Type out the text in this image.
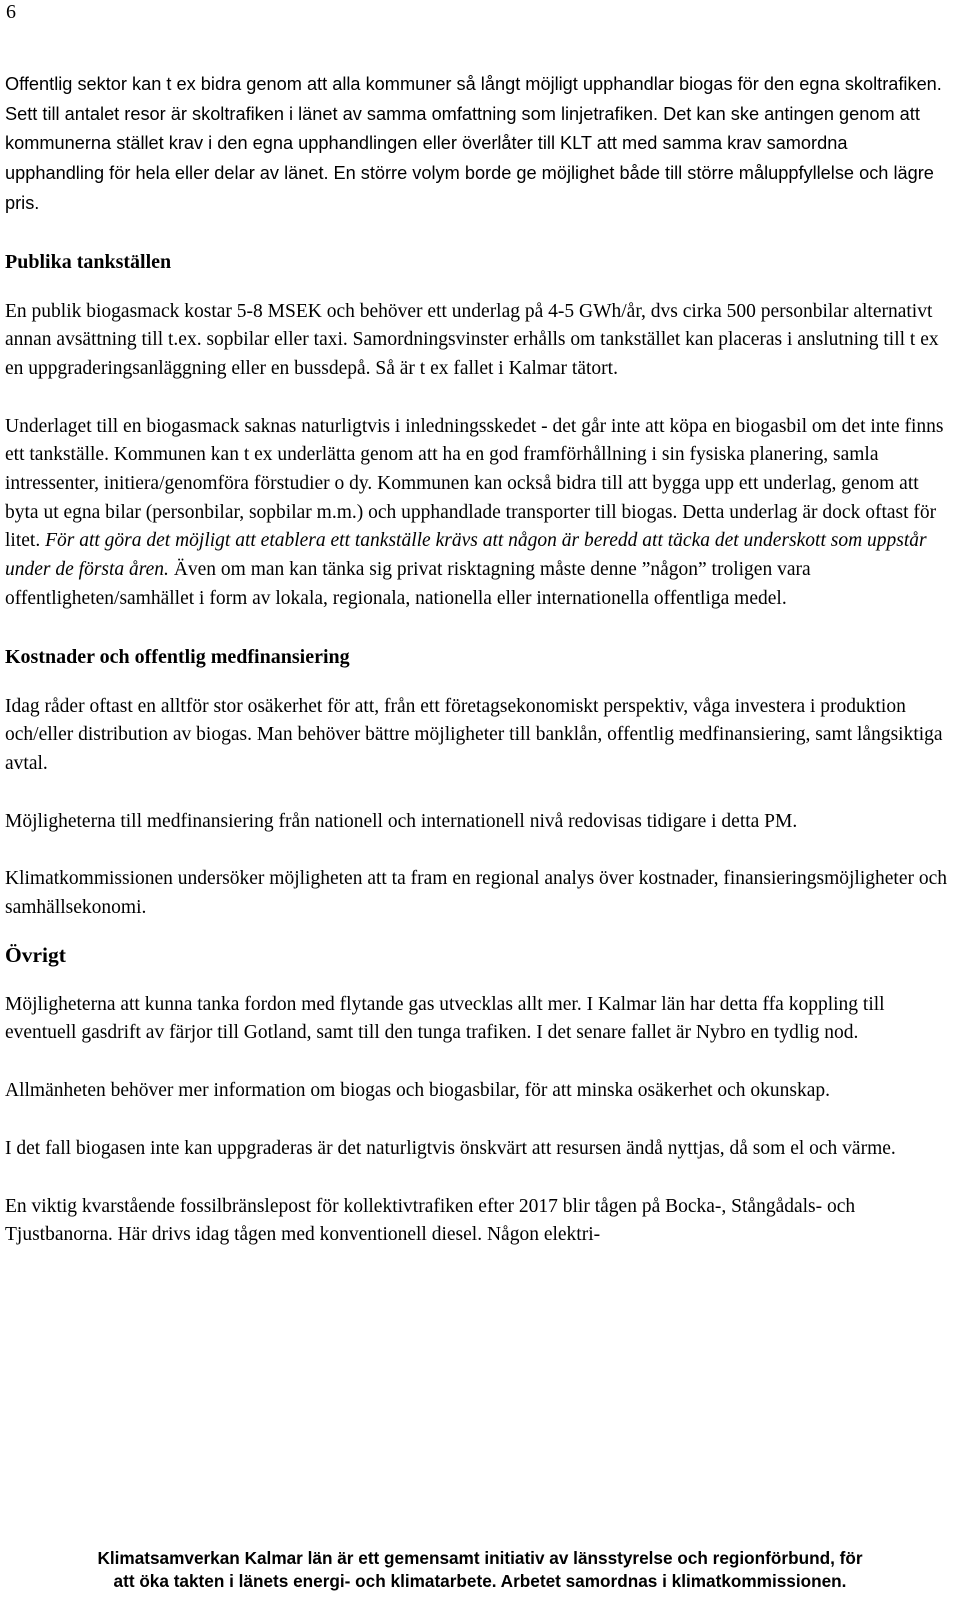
6

Offentlig sektor kan t ex bidra genom att alla kommuner så långt möjligt upphandlar biogas för den egna skoltrafiken. Sett till antalet resor är skoltrafiken i länet av samma omfattning som linjetrafiken. Det kan ske antingen genom att kommunerna stället krav i den egna upphandlingen eller överlåter till KLT att med samma krav samordna upphandling för hela eller delar av länet. En större volym borde ge möjlighet både till större måluppfyllelse och lägre pris.

Publika tankställen

En publik biogasmack kostar 5-8 MSEK och behöver ett underlag på 4-5 GWh/år, dvs cirka 500 personbilar alternativt annan avsättning till t.ex. sopbilar eller taxi. Samordningsvinster erhålls om tankstället kan placeras i anslutning till t ex en uppgraderingsanläggning eller en bussdepå. Så är t ex fallet i Kalmar tätort.

Underlaget till en biogasmack saknas naturligtvis i inledningsskedet - det går inte att köpa en biogasbil om det inte finns ett tankställe. Kommunen kan t ex underlätta genom att ha en god framförhållning i sin fysiska planering, samla intressenter, initiera/genomföra förstudier o dy. Kommunen kan också bidra till att bygga upp ett underlag, genom att byta ut egna bilar (personbilar, sopbilar m.m.) och upphandlade transporter till biogas. Detta underlag är dock oftast för litet. För att göra det möjligt att etablera ett tankställe krävs att någon är beredd att täcka det underskott som uppstår under de första åren. Även om man kan tänka sig privat risktagning måste denne ”någon” troligen vara offentligheten/samhället i form av lokala, regionala, nationella eller internationella offentliga medel.

Kostnader och offentlig medfinansiering

Idag råder oftast en alltför stor osäkerhet för att, från ett företagsekonomiskt perspektiv, våga investera i produktion och/eller distribution av biogas. Man behöver bättre möjligheter till banklån, offentlig medfinansiering, samt långsiktiga avtal.

Möjligheterna till medfinansiering från nationell och internationell nivå redovisas tidigare i detta PM.

Klimatkommissionen undersöker möjligheten att ta fram en regional analys över kostnader, finansieringsmöjligheter och samhällsekonomi.

Övrigt

Möjligheterna att kunna tanka fordon med flytande gas utvecklas allt mer. I Kalmar län har detta ffa koppling till eventuell gasdrift av färjor till Gotland, samt till den tunga trafiken. I det senare fallet är Nybro en tydlig nod.

Allmänheten behöver mer information om biogas och biogasbilar, för att minska osäkerhet och okunskap.

I det fall biogasen inte kan uppgraderas är det naturligtvis önskvärt att resursen ändå nyttjas, då som el och värme.

En viktig kvarstående fossilbränslepost för kollektivtrafiken efter 2017 blir tågen på Bocka-, Stångådals- och Tjustbanorna. Här drivs idag tågen med konventionell diesel. Någon elektri-

Klimatsamverkan Kalmar län är ett gemensamt initiativ av länsstyrelse och regionförbund, för
att öka takten i länets energi- och klimatarbete. Arbetet samordnas i klimatkommissionen.
